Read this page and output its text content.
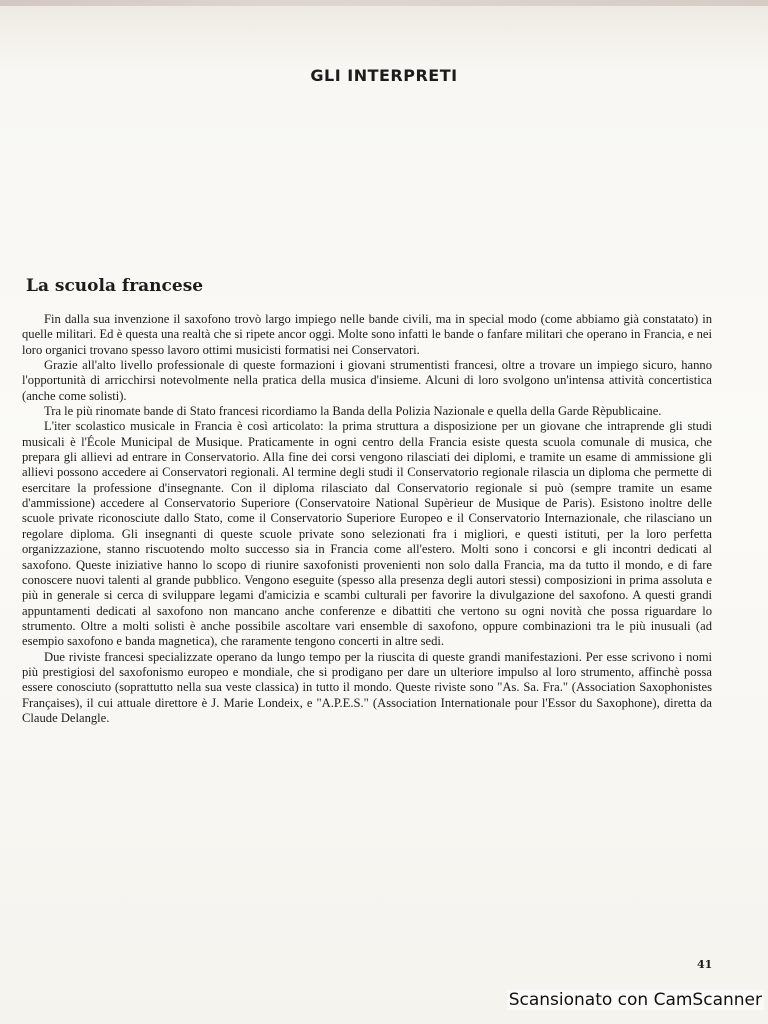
GLI INTERPRETI
La scuola francese

Fin dalla sua invenzione il saxofono trovò largo impiego nelle bande civili, ma in special modo (come abbiamo già constatato) in quelle militari. Ed è questa una realtà che si ripete ancor oggi. Molte sono infatti le bande o fanfare militari che operano in Francia, e nei loro organici trovano spesso lavoro ottimi musicisti formatisi nei Conservatori.

Grazie all'alto livello professionale di queste formazioni i giovani strumentisti francesi, oltre a trovare un impiego sicuro, hanno l'opportunità di arricchirsi notevolmente nella pratica della musica d'insieme. Alcuni di loro svolgono un'intensa attività concertistica (anche come solisti).

Tra le più rinomate bande di Stato francesi ricordiamo la Banda della Polizia Nazionale e quella della Garde Rèpublicaine.

L'iter scolastico musicale in Francia è così articolato: la prima struttura a disposizione per un giovane che intraprende gli studi musicali è l'École Municipal de Musique. Praticamente in ogni centro della Francia esiste questa scuola comunale di musica, che prepara gli allievi ad entrare in Conservatorio. Alla fine dei corsi vengono rilasciati dei diplomi, e tramite un esame di ammissione gli allievi possono accedere ai Conservatori regionali. Al termine degli studi il Conservatorio regionale rilascia un diploma che permette di esercitare la professione d'insegnante. Con il diploma rilasciato dal Conservatorio regionale si può (sempre tramite un esame d'ammissione) accedere al Conservatorio Superiore (Conservatoire National Supèrieur de Musique de Paris). Esistono inoltre delle scuole private riconosciute dallo Stato, come il Conservatorio Superiore Europeo e il Conservatorio Internazionale, che rilasciano un regolare diploma. Gli insegnanti di queste scuole private sono selezionati fra i migliori, e questi istituti, per la loro perfetta organizzazione, stanno riscuotendo molto successo sia in Francia come all'estero. Molti sono i concorsi e gli incontri dedicati al saxofono. Queste iniziative hanno lo scopo di riunire saxofonisti provenienti non solo dalla Francia, ma da tutto il mondo, e di fare conoscere nuovi talenti al grande pubblico. Vengono eseguite (spesso alla presenza degli autori stessi) composizioni in prima assoluta e più in generale si cerca di sviluppare legami d'amicizia e scambi culturali per favorire la divulgazione del saxofono. A questi grandi appuntamenti dedicati al saxofono non mancano anche conferenze e dibattiti che vertono su ogni novità che possa riguardare lo strumento. Oltre a molti solisti è anche possibile ascoltare vari ensemble di saxofono, oppure combinazioni tra le più inusuali (ad esempio saxofono e banda magnetica), che raramente tengono concerti in altre sedi.

Due riviste francesi specializzate operano da lungo tempo per la riuscita di queste grandi manifestazioni. Per esse scrivono i nomi più prestigiosi del saxofonismo europeo e mondiale, che si prodigano per dare un ulteriore impulso al loro strumento, affinchè possa essere conosciuto (soprattutto nella sua veste classica) in tutto il mondo. Queste riviste sono "As. Sa. Fra." (Association Saxophonistes Françaises), il cui attuale direttore è J. Marie Londeix, e "A.P.E.S." (Association Internationale pour l'Essor du Saxophone), diretta da Claude Delangle.

41
Scansionato con CamScanner
